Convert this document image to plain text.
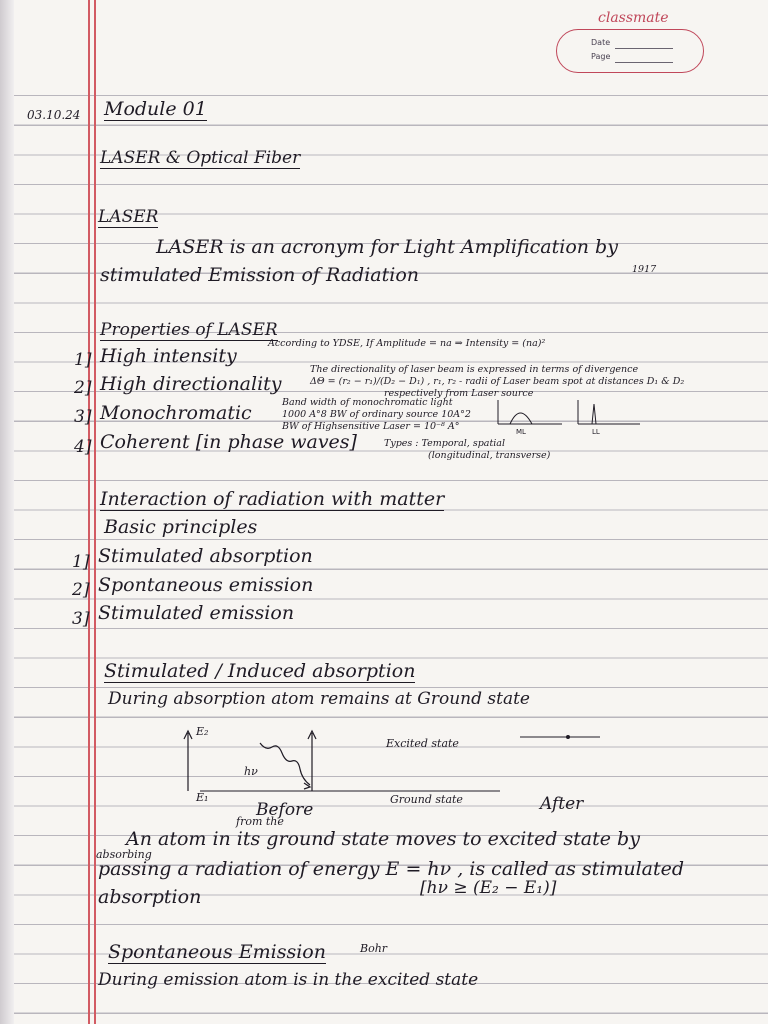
classmate
Date
Page
03.10.24 Module 01
LASER & Optical Fiber
LASER
LASER is an acronym for Light Amplification by
stimulated Emission of Radiation	1917
Properties of LASER
According to YDSE, If Amplitude = na ⇒ Intensity = (na)²
1] High intensity
2] High directionality
The directionality of laser beam is expressed in terms of divergence
ΔΘ = (r₂ − r₁)/(D₂ − D₁) , r₁, r₂ - radii of Laser beam spot at distances D₁ & D₂
respectively from Laser source
3] Monochromatic	Band width of monochromatic light
1000 A°8 BW of ordinary source 10A°2
BW of Highsensitive Laser = 10⁻⁸ A°	ML	LL
4] Coherent [in phase waves]	Types : Temporal, spatial
(longitudinal, transverse)
Interaction of radiation with matter
Basic principles
1] Stimulated absorption
2] Spontaneous emission
3] Stimulated emission
Stimulated / Induced absorption
During absorption atom remains at Ground state
E₂
E₁
hν
Excited state
Ground state
Before
from the
After
absorbing
An atom in its ground state moves to excited state by
passing a radiation of energy E = hν , is called as stimulated
[hν ≥ (E₂ − E₁)]
absorption
Spontaneous Emission	Bohr
During emission atom is in the excited state
